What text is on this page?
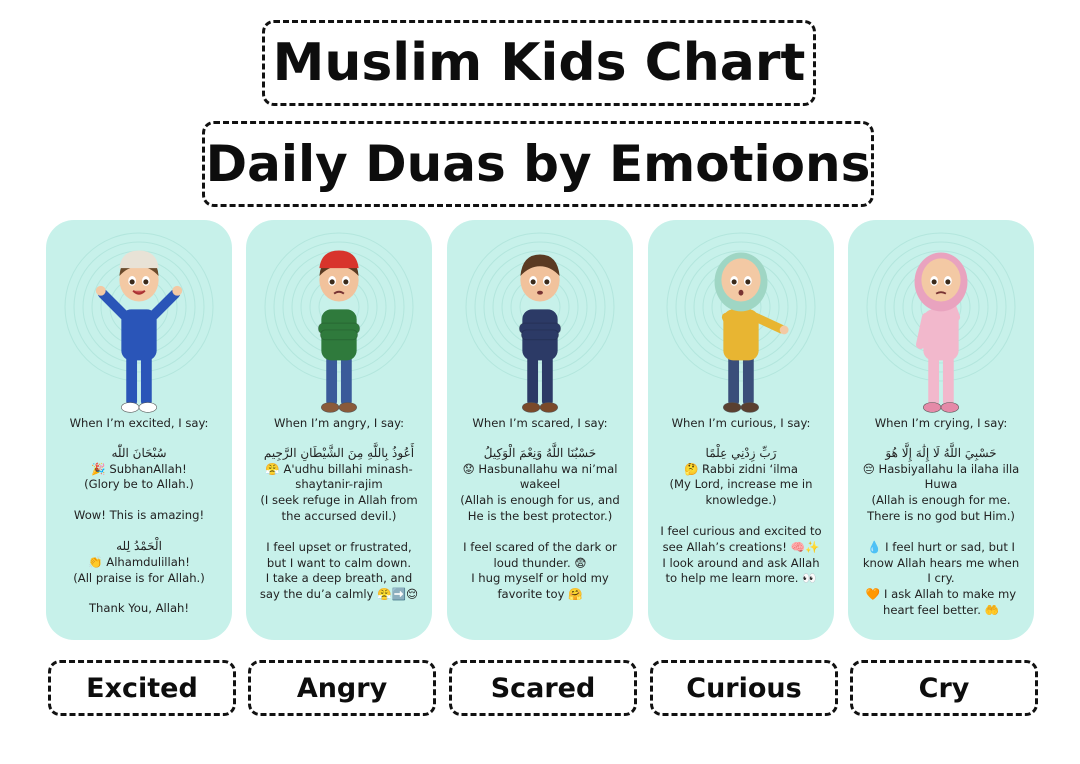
Muslim Kids Chart
Daily Duas by Emotions
When I’m excited, I say:
سُبْحَانَ اللّٰه
🎉 SubhanAllah!
(Glory be to Allah.)
Wow! This is amazing!
الْحَمْدُ لِله
👏 Alhamdulillah!
(All praise is for Allah.)
Thank You, Allah!
Excited
When I’m angry, I say:
أَعُوذُ بِاللَّهِ مِنَ الشَّيْطَانِ الرَّجِيم
😤 A'udhu billahi minash-
shaytanir-rajim
(I seek refuge in Allah from
the accursed devil.)
I feel upset or frustrated,
but I want to calm down.
I take a deep breath, and
say the du’a calmly 😤➡️😌
Angry
When I’m scared, I say:
حَسْبُنَا اللَّهُ وَنِعْمَ الْوَكِيلُ
😟 Hasbunallahu wa ni’mal
wakeel
(Allah is enough for us, and
He is the best protector.)
I feel scared of the dark or
loud thunder. 😨
I hug myself or hold my
favorite toy 🤗
Scared
When I’m curious, I say:
رَبِّ زِدْنِي عِلْمًا
🤔 Rabbi zidni ‘ilma
(My Lord, increase me in
knowledge.)
I feel curious and excited to
see Allah’s creations! 🧠✨
I look around and ask Allah
to help me learn more. 👀
Curious
When I’m crying, I say:
حَسْبِيَ اللَّهُ لَا إِلَٰهَ إِلَّا هُوَ
😔 Hasbiyallahu la ilaha illa
Huwa
(Allah is enough for me.
There is no god but Him.)
💧 I feel hurt or sad, but I
know Allah hears me when
I cry.
🧡 I ask Allah to make my
heart feel better. 🤲
Cry
